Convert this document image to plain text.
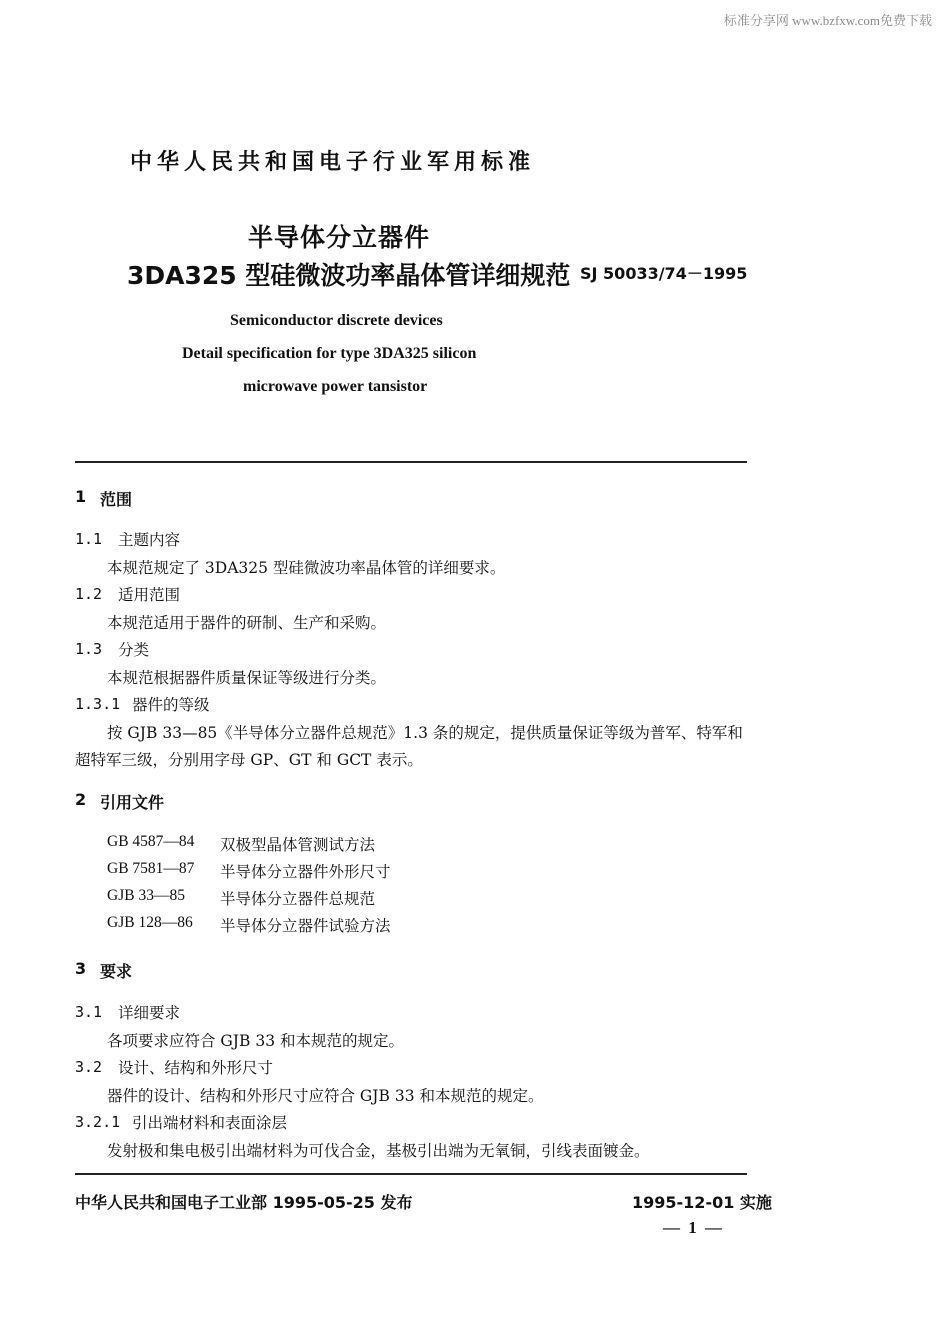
标准分享网 www.bzfxw.com免费下载
中华人民共和国电子行业军用标准
半导体分立器件
3DA325 型硅微波功率晶体管详细规范 SJ 50033/74－1995
Semiconductor discrete devices
Detail specification for type 3DA325 silicon
microwave power tansistor
1 范围
1.1 主题内容
本规范规定了 3DA325 型硅微波功率晶体管的详细要求。
1.2 适用范围
本规范适用于器件的研制、生产和采购。
1.3 分类
本规范根据器件质量保证等级进行分类。
1.3.1 器件的等级
按 GJB 33—85《半导体分立器件总规范》1.3 条的规定，提供质量保证等级为普军、特军和
超特军三级，分别用字母 GP、GT 和 GCT 表示。
2 引用文件
GB 4587—84 双极型晶体管测试方法
GB 7581—87 半导体分立器件外形尺寸
GJB 33—85 半导体分立器件总规范
GJB 128—86 半导体分立器件试验方法
3 要求
3.1 详细要求
各项要求应符合 GJB 33 和本规范的规定。
3.2 设计、结构和外形尺寸
器件的设计、结构和外形尺寸应符合 GJB 33 和本规范的规定。
3.2.1 引出端材料和表面涂层
发射极和集电极引出端材料为可伐合金，基极引出端为无氧铜，引线表面镀金。
中华人民共和国电子工业部 1995-05-25 发布	1995-12-01 实施
— 1 —
